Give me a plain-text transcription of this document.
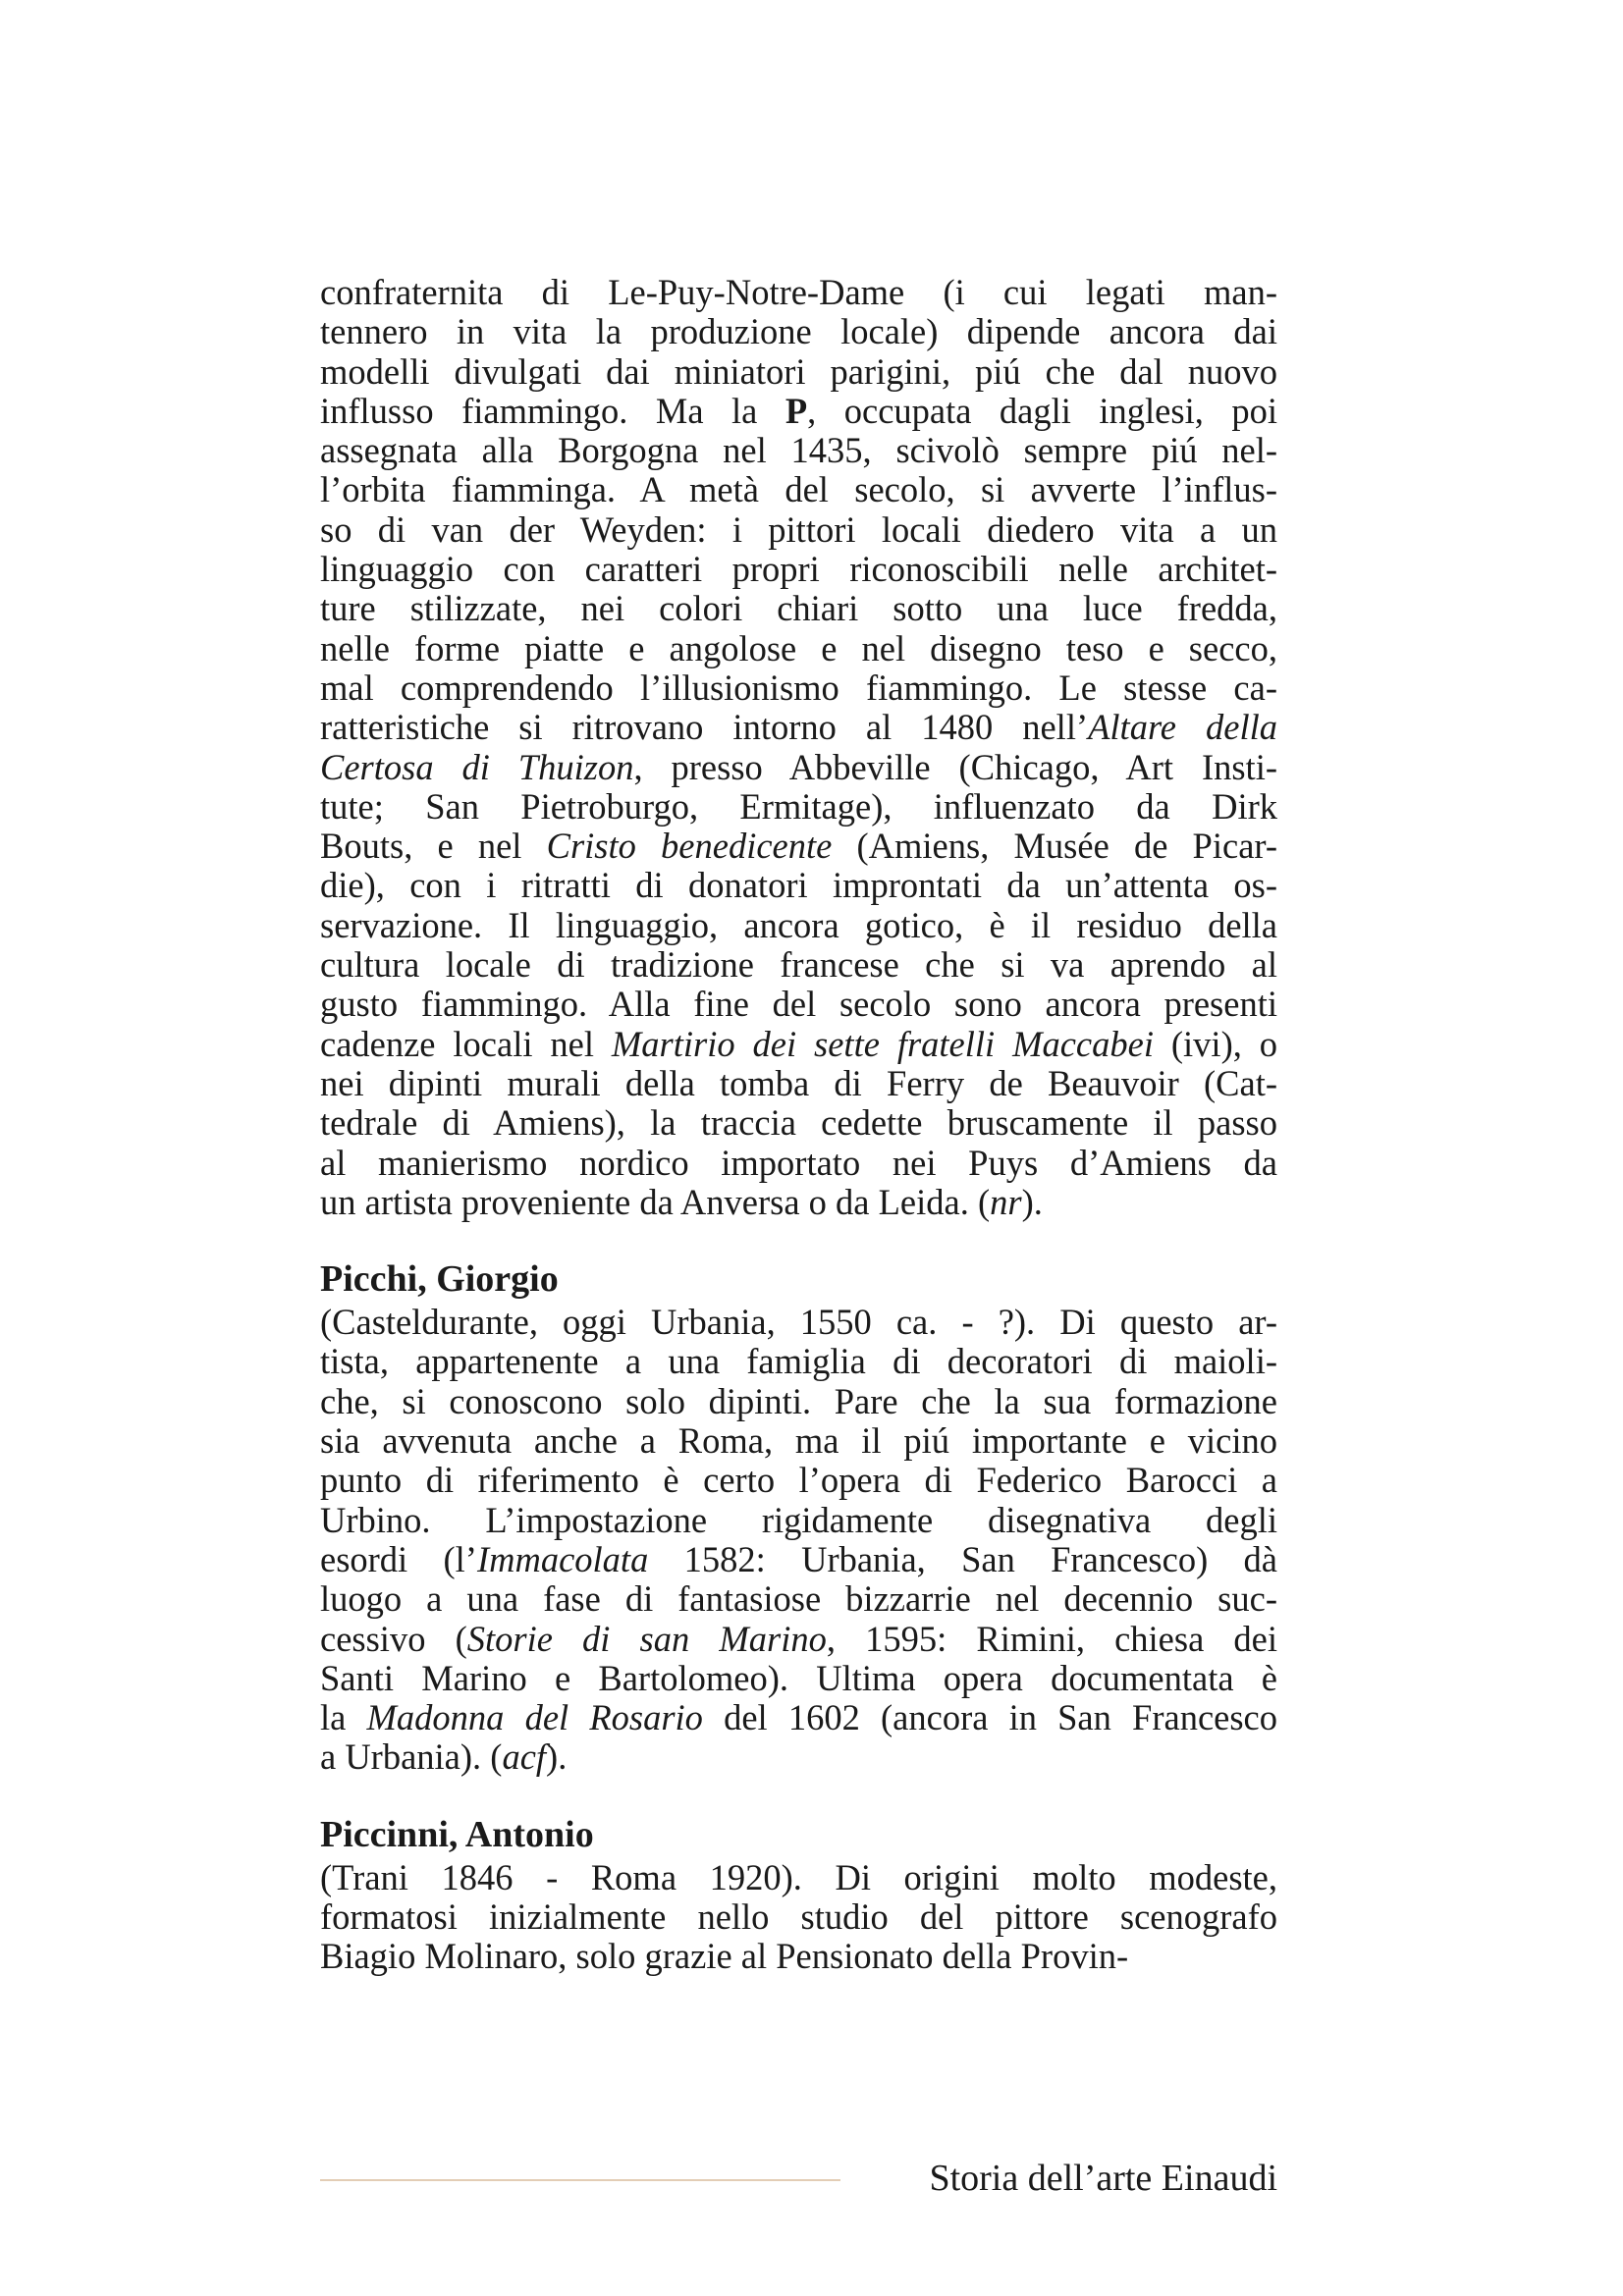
confraternita di Le-Puy-Notre-Dame (i cui legati man-
tennero in vita la produzione locale) dipende ancora dai
modelli divulgati dai miniatori parigini, piú che dal nuovo
influsso fiammingo. Ma la P, occupata dagli inglesi, poi
assegnata alla Borgogna nel 1435, scivolò sempre piú nel-
l’orbita fiamminga. A metà del secolo, si avverte l’influs-
so di van der Weyden: i pittori locali diedero vita a un
linguaggio con caratteri propri riconoscibili nelle architet-
ture stilizzate, nei colori chiari sotto una luce fredda,
nelle forme piatte e angolose e nel disegno teso e secco,
mal comprendendo l’illusionismo fiammingo. Le stesse ca-
ratteristiche si ritrovano intorno al 1480 nell’Altare della
Certosa di Thuizon, presso Abbeville (Chicago, Art Insti-
tute; San Pietroburgo, Ermitage), influenzato da Dirk
Bouts, e nel Cristo benedicente (Amiens, Musée de Picar-
die), con i ritratti di donatori improntati da un’attenta os-
servazione. Il linguaggio, ancora gotico, è il residuo della
cultura locale di tradizione francese che si va aprendo al
gusto fiammingo. Alla fine del secolo sono ancora presenti
cadenze locali nel Martirio dei sette fratelli Maccabei (ivi), o
nei dipinti murali della tomba di Ferry de Beauvoir (Cat-
tedrale di Amiens), la traccia cedette bruscamente il passo
al manierismo nordico importato nei Puys d’Amiens da
un artista proveniente da Anversa o da Leida. (nr).
Picchi, Giorgio
(Casteldurante, oggi Urbania, 1550 ca. - ?). Di questo ar-
tista, appartenente a una famiglia di decoratori di maioli-
che, si conoscono solo dipinti. Pare che la sua formazione
sia avvenuta anche a Roma, ma il piú importante e vicino
punto di riferimento è certo l’opera di Federico Barocci a
Urbino. L’impostazione rigidamente disegnativa degli
esordi (l’Immacolata 1582: Urbania, San Francesco) dà
luogo a una fase di fantasiose bizzarrie nel decennio suc-
cessivo (Storie di san Marino, 1595: Rimini, chiesa dei
Santi Marino e Bartolomeo). Ultima opera documentata è
la Madonna del Rosario del 1602 (ancora in San Francesco
a Urbania). (acf).
Piccinni, Antonio
(Trani 1846 - Roma 1920). Di origini molto modeste,
formatosi inizialmente nello studio del pittore scenografo
Biagio Molinaro, solo grazie al Pensionato della Provin-
Storia dell’arte Einaudi
